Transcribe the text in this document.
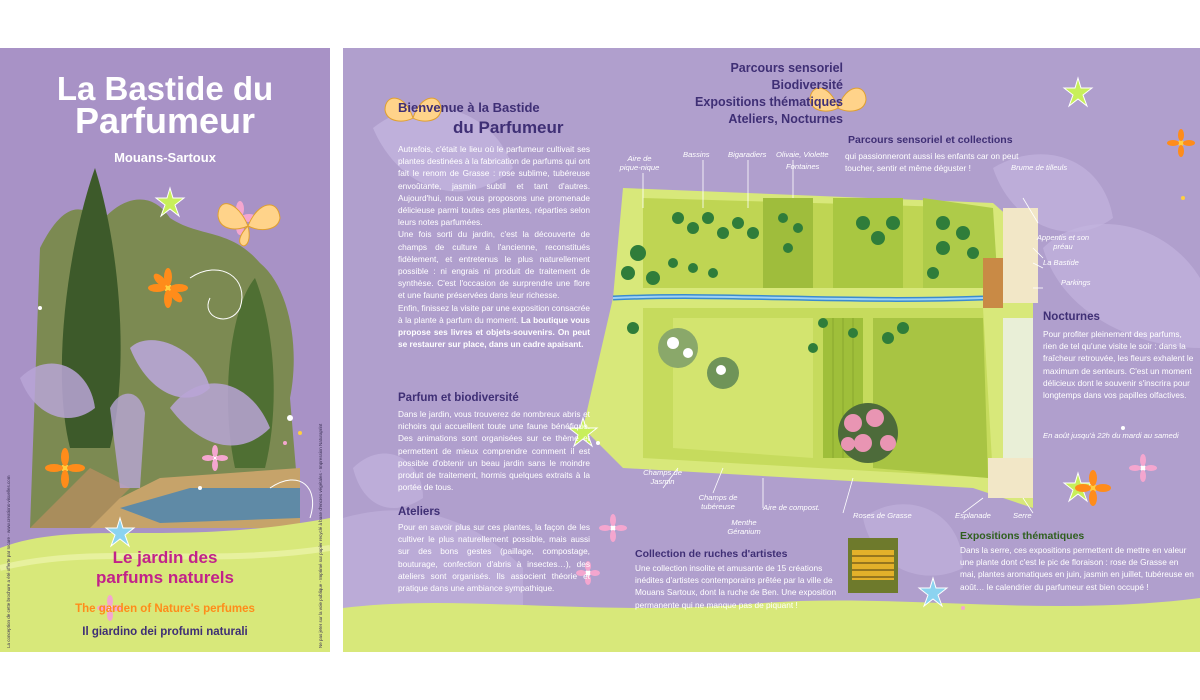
La Bastide du
Parfumeur
Mouans-Sartoux
Le jardin des
parfums naturels
The garden of Nature's perfumes
Il giardino dei profumi naturali
La conception de cette brochure a été offerte par Iocare - www.creations-visuelles.com	Ne pas jeter sur la voie publique - Imprimé sur papier recyclé à base d'encres végétales - Impression Naturaprint
Parcours sensoriel
Biodiversité
Expositions thématiques
Ateliers, Nocturnes
Bienvenue à la Bastide
du Parfumeur
Autrefois, c'était le lieu où le parfumeur cultivait ses plantes destinées à la fabrication de parfums qui ont fait le renom de Grasse : rose sublime, tubéreuse envoûtante, jasmin subtil et tant d'autres. Aujourd'hui, nous vous proposons une promenade délicieuse parmi toutes ces plantes, réparties selon leurs notes parfumées.
Une fois sorti du jardin, c'est la découverte de champs de culture à l'ancienne, reconstitués fidèlement, et entretenus le plus naturellement possible : ni engrais ni produit de traitement de synthèse. C'est l'occasion de surprendre une flore et une faune préservées dans leur richesse.
Enfin, finissez la visite par une exposition consacrée à la plante à parfum du moment. La boutique vous propose ses livres et objets-souvenirs. On peut se restaurer sur place, dans un cadre apaisant.
Parfum et biodiversité
Dans le jardin, vous trouverez de nombreux abris et nichoirs qui accueillent toute une faune bénéfique. Des animations sont organisées sur ce thème et permettent de mieux comprendre comment il est possible d'obtenir un beau jardin sans le moindre produit de traitement, hormis quelques extraits à la portée de tous.
Ateliers
Pour en savoir plus sur ces plantes, la façon de les cultiver le plus naturellement possible, mais aussi sur des bons gestes (paillage, compostage, bouturage, confection d'abris à insectes…), des ateliers sont organisés. Ils associent théorie et pratique dans une ambiance sympathique.
Parcours sensoriel et collections
qui passionneront aussi les enfants car on peut toucher, sentir et même déguster !
Nocturnes
Pour profiter pleinement des parfums, rien de tel qu'une visite le soir : dans la fraîcheur retrouvée, les fleurs exhalent le maximum de senteurs. C'est un moment délicieux dont le souvenir s'inscrira pour longtemps dans vos papilles olfactives.
En août jusqu'à 22h du mardi au samedi
Collection de ruches d'artistes
Une collection insolite et amusante de 15 créations inédites d'artistes contemporains prêtée par la ville de Mouans Sartoux, dont la ruche de Ben. Une exposition permanente qui ne manque pas de piquant !
Expositions thématiques
Dans la serre, ces expositions permettent de mettre en valeur une plante dont c'est le pic de floraison : rose de Grasse en mai, plantes aromatiques en juin, jasmin en juillet, tubéreuse en août… le calendrier du parfumeur est bien occupé !
Aire de pique-nique
Bassins Bigaradiers Olivaie, Violette
Fontaines	Brume de tilleuls
Appentis et son préau
La Bastide
Parkings
Champs de Jasmin
Champs de tubéreuse
Menthe Géranium
Aire de compost.
Roses de Grasse	Esplanade	Serre
